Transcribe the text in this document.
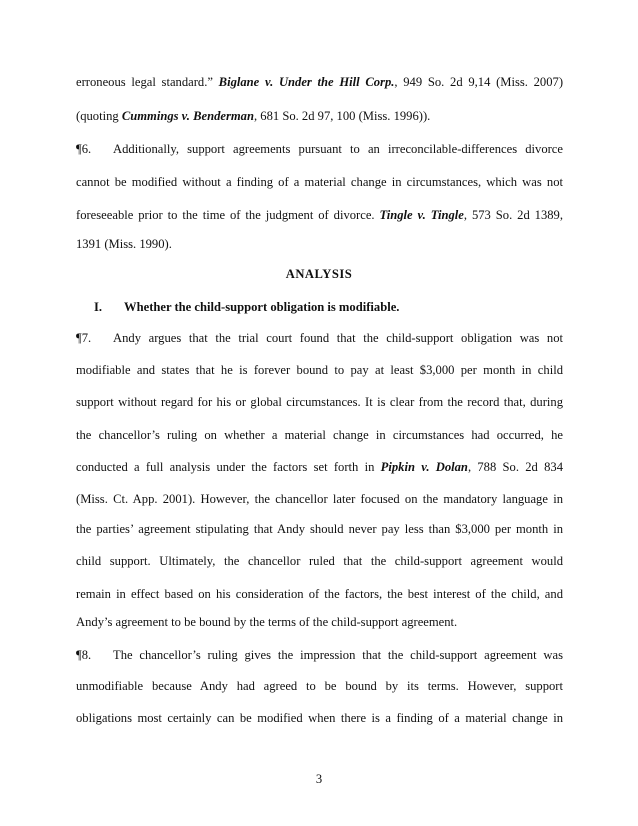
erroneous legal standard.” Biglane v. Under the Hill Corp., 949 So. 2d 9,14 (Miss. 2007)
(quoting Cummings v. Benderman, 681 So. 2d 97, 100 (Miss. 1996)).
¶6. Additionally, support agreements pursuant to an irreconcilable-differences divorce
cannot be modified without a finding of a material change in circumstances, which was not
foreseeable prior to the time of the judgment of divorce. Tingle v. Tingle, 573 So. 2d 1389,
1391 (Miss. 1990).
ANALYSIS
I. Whether the child-support obligation is modifiable.
¶7. Andy argues that the trial court found that the child-support obligation was not
modifiable and states that he is forever bound to pay at least $3,000 per month in child
support without regard for his or global circumstances. It is clear from the record that, during
the chancellor’s ruling on whether a material change in circumstances had occurred, he
conducted a full analysis under the factors set forth in Pipkin v. Dolan, 788 So. 2d 834
(Miss. Ct. App. 2001). However, the chancellor later focused on the mandatory language in
the parties’ agreement stipulating that Andy should never pay less than $3,000 per month in
child support. Ultimately, the chancellor ruled that the child-support agreement would
remain in effect based on his consideration of the factors, the best interest of the child, and
Andy’s agreement to be bound by the terms of the child-support agreement.
¶8. The chancellor’s ruling gives the impression that the child-support agreement was
unmodifiable because Andy had agreed to be bound by its terms. However, support
obligations most certainly can be modified when there is a finding of a material change in
3
